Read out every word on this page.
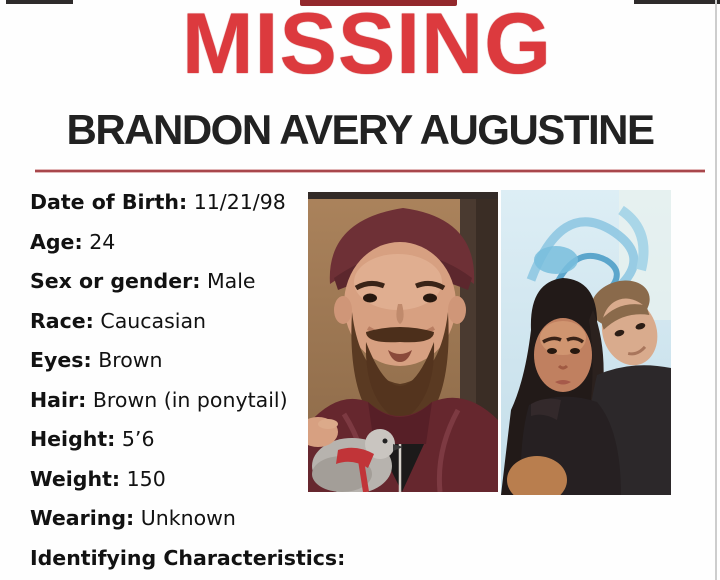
MISSING
BRANDON AVERY AUGUSTINE
Date of Birth: 11/21/98
Age: 24
Sex or gender: Male
Race: Caucasian
Eyes: Brown
Hair: Brown (in ponytail)
Height: 5’6
Weight: 150
Wearing: Unknown
Identifying Characteristics:
